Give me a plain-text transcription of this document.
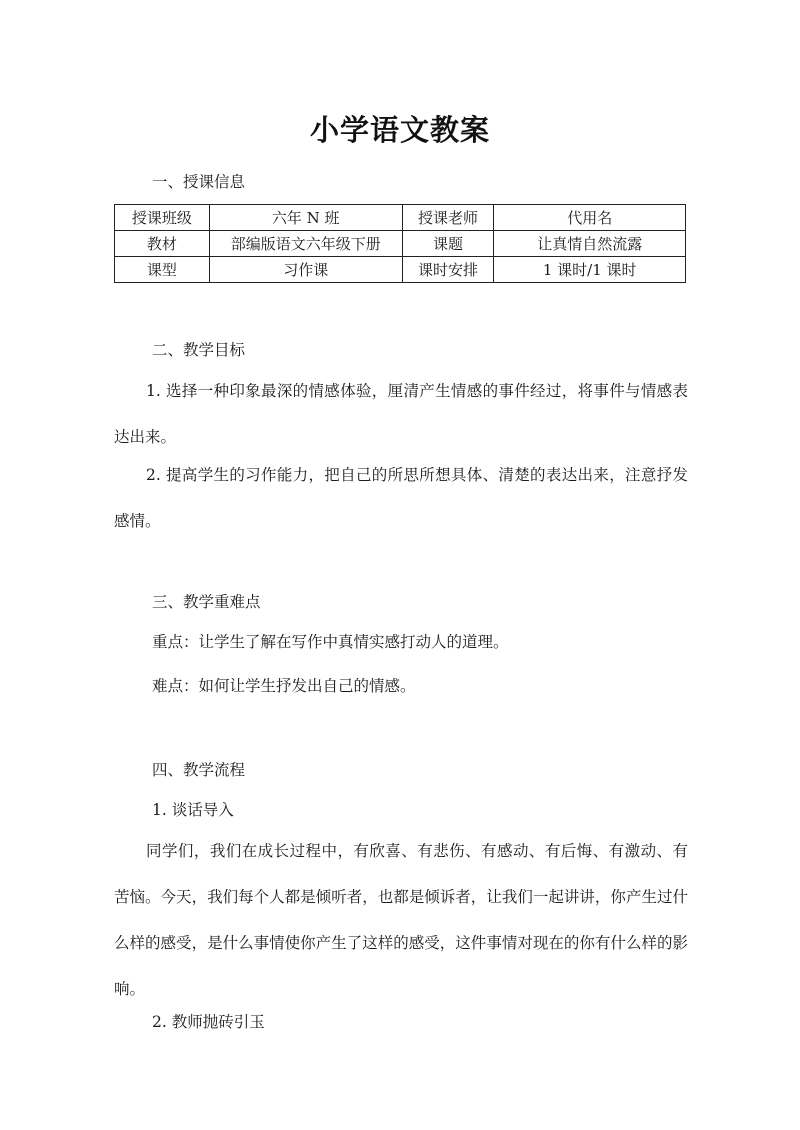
小学语文教案
一、授课信息
授课班级	六年 N 班	授课老师	代用名
教材	部编版语文六年级下册	课题	让真情自然流露
课型	习作课	课时安排	1 课时/1 课时
二、教学目标
1. 选择一种印象最深的情感体验，厘清产生情感的事件经过，将事件与情感表达出来。
2. 提高学生的习作能力，把自己的所思所想具体、清楚的表达出来，注意抒发感情。
三、教学重难点
重点：让学生了解在写作中真情实感打动人的道理。
难点：如何让学生抒发出自己的情感。
四、教学流程
1. 谈话导入
同学们，我们在成长过程中，有欣喜、有悲伤、有感动、有后悔、有激动、有苦恼。今天，我们每个人都是倾听者，也都是倾诉者，让我们一起讲讲，你产生过什么样的感受，是什么事情使你产生了这样的感受，这件事情对现在的你有什么样的影响。
2. 教师抛砖引玉
